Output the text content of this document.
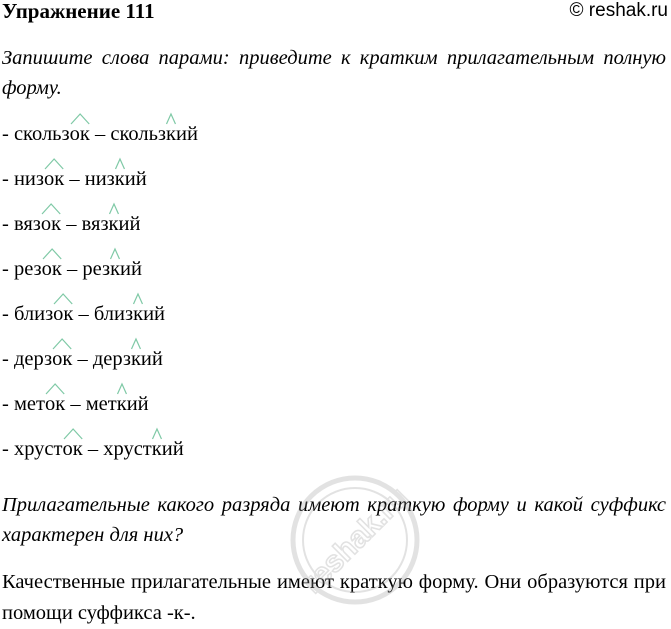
Упражнение 111	© reshak.ru
Запишите слова парами: приведите к кратким прилагательным полную форму.
- скольз
ок – скольз
кий
- низ
ок – низ
кий
- вяз
ок – вяз
кий
- рез
ок – рез
кий
- близ
ок – близ
кий
- дерз
ок – дерз
кий
- мет
ок – мет
кий
- хруст
ок – хруст
кий
Прилагательные какого разряда имеют краткую форму и какой суффикс характерен для них?
Качественные прилагательные имеют краткую форму. Они образуются при помощи суффикса -к-.
reshak.ru
